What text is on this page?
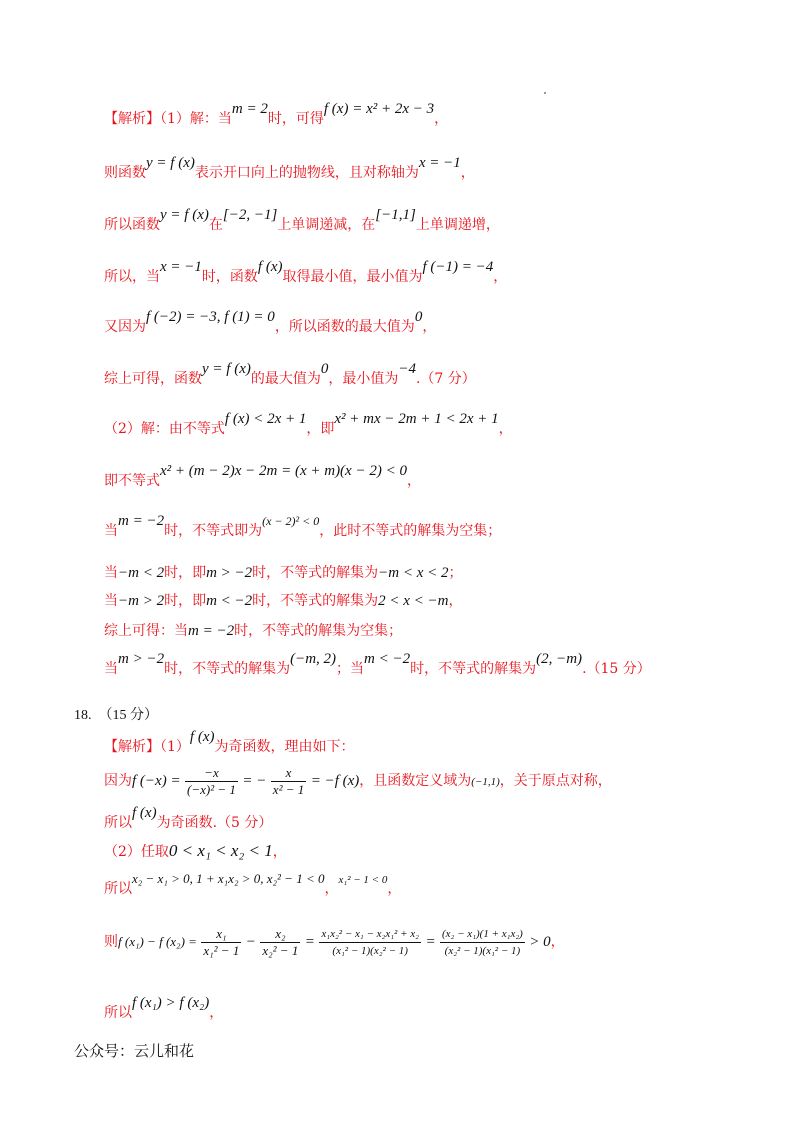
【解析】（1）解：当m = 2时，可得f (x) = x² + 2x − 3，
则函数y = f (x)表示开口向上的抛物线，且对称轴为x = −1，
所以函数y = f (x)在[−2, −1]上单调递减，在[−1,1]上单调递增，
所以，当x = −1时，函数f (x)取得最小值，最小值为f (−1) = −4，
又因为f (−2) = −3, f (1) = 0，所以函数的最大值为0，
综上可得，函数y = f (x)的最大值为0，最小值为−4.（7 分）
（2）解：由不等式f (x) < 2x + 1，即x² + mx − 2m + 1 < 2x + 1，
即不等式x² + (m − 2)x − 2m = (x + m)(x − 2) < 0，
当m = −2时，不等式即为(x − 2)² < 0，此时不等式的解集为空集；
当−m < 2时，即m > −2时，不等式的解集为−m < x < 2；
当−m > 2时，即m < −2时，不等式的解集为2 < x < −m，
综上可得：当m = −2时，不等式的解集为空集；
当m > −2时，不等式的解集为(−m, 2)；当m < −2时，不等式的解集为(2, −m).（15 分）
18. （15 分）
【解析】（1）f (x)为奇函数，理由如下：
因为f $(-x) = \frac{-x}{\text{(−x)² − 1}}$ = − $\frac{x}{\text{x² − 1}} = -f$ (x)，且函数定义域为(−1,1)，关于原点对称，
所以f (x)为奇函数.（5 分）
（2）任取0 < x₁ < x₂ < 1，
所以x₂ − x₁ > 0, 1 + x₁x₂ > 0, x₂² − 1 < 0，x₁² − 1 < 0，
则f (x₁) − f $(x_2) = \frac{\text{x₁}}{\text{x₁² − 1}} - \frac{\text{x₂}}{\text{x₂² − 1}} = \frac{\text{x₁x₂² − x₁ − x₂x₁² + x₂}}{\text{(x₁² − 1)(x₂² − 1)}} = \frac{\text{(x₂ − x₁)(1 + x₁x₂)}}{\text{(x₂² − 1)(x₁² − 1)}} > 0$，
所以f (x₁) > f (x₂)，
公众号：云儿和花
